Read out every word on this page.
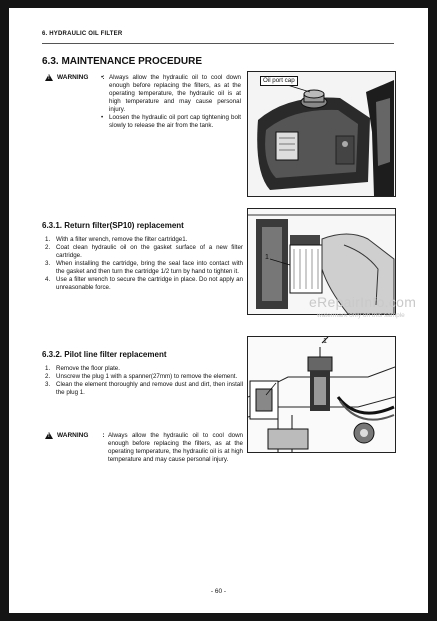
6. HYDRAULIC OIL FILTER
6.3. MAINTENANCE PROCEDURE
!
WARNING :
• Always allow the hydraulic oil to cool down enough before replacing the filters, as at the operating temperature, the hydraulic oil is at high temperature and may cause personal injury.
• Loosen the hydraulic oil port cap tightening bolt slowly to release the air from the tank.
Oil port cap
6.3.1. Return filter(SP10) replacement
1. With a filter wrench, remove the filter cartridge1.
2. Coat clean hydraulic oil on the gasket surface of a new filter cartridge.
3. When installing the cartridge, bring the seal face into contact with the gasket and then turn the cartridge 1/2 turn by hand to tighten it.
4. Use a filter wrench to secure the cartridge in place. Do not apply an unreasonable force.
1
6.3.2. Pilot line filter replacement
1. Remove the floor plate.
2. Unscrew the plug 1 with a spanner(27mm) to remove the element.
3. Clean the element thoroughly and remove dust and dirt, then install the plug 1.
1
!
WARNING : Always allow the hydraulic oil to cool down enough before replacing the filters, as at the operating temperature, the hydraulic oil is at high temperature and may cause personal injury.
eRepairInfo.com
watermark only on this sample
- 60 -
